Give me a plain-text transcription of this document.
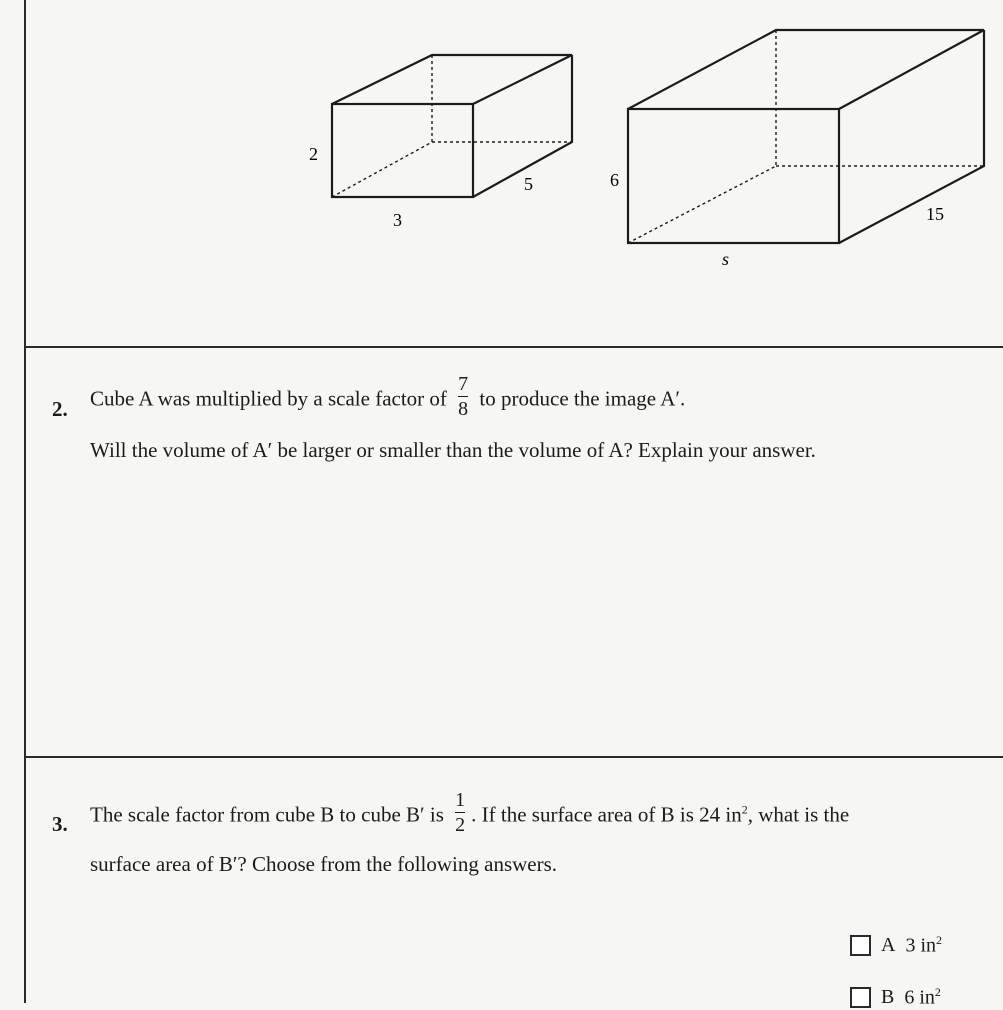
2
3
5	6
s
15
2. Cube A was multiplied by a scale factor of $\frac{7}{8}$ to produce the image A′.
Will the volume of A′ be larger or smaller than the volume of A? Explain your answer.
3. The scale factor from cube B to cube B′ is $\frac{1}{2}$ . If the surface area of B is 24 $in^2$, what is the
surface area of B′? Choose from the following answers.
A 3 $in^2$
B 6 $in^2$
